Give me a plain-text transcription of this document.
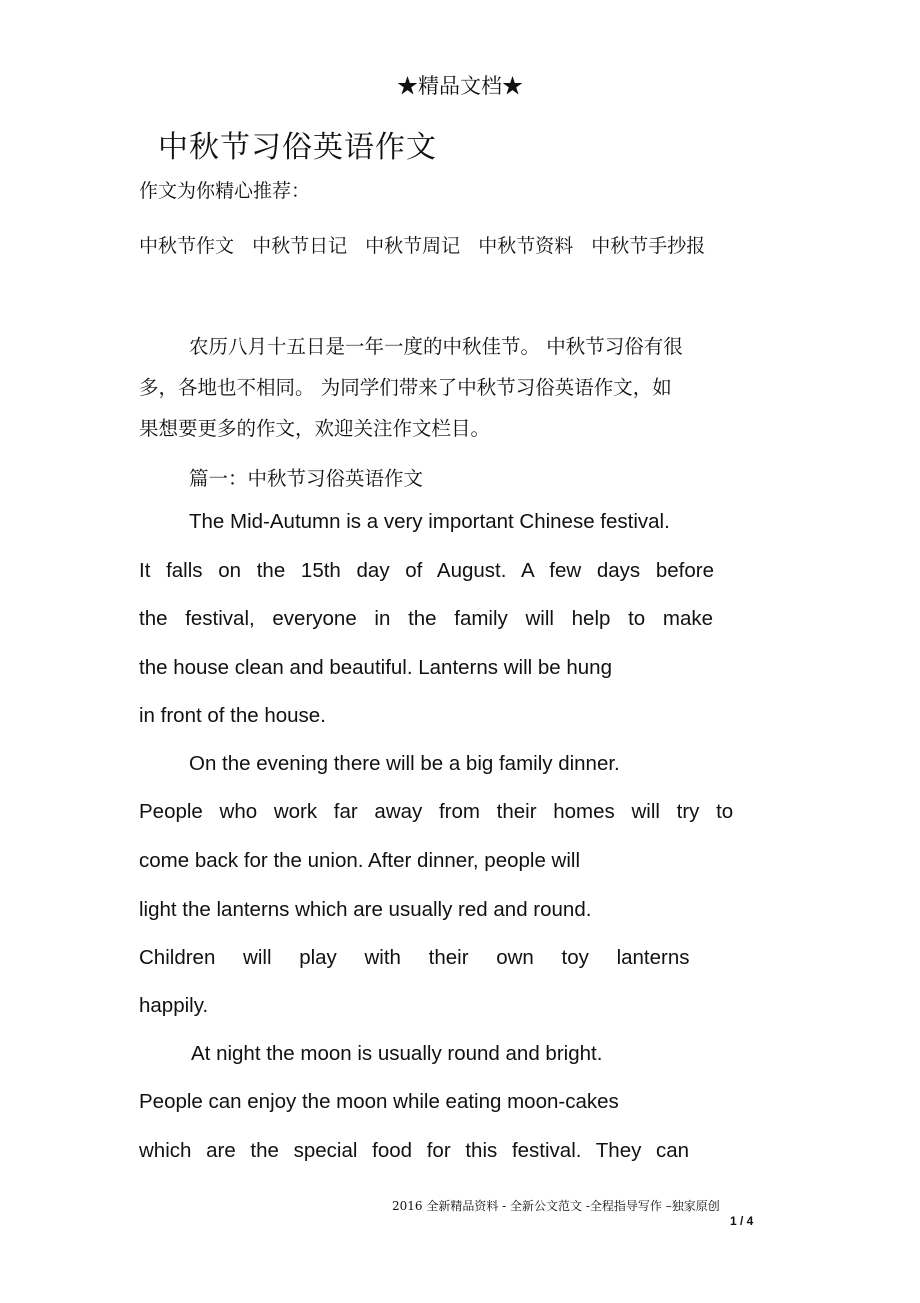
★精品文档★
中秋节习俗英语作文
作文为你精心推荐：
中秋节作文 中秋节日记 中秋节周记 中秋节资料 中秋节手抄报
农历八月十五日是一年一度的中秋佳节。 中秋节习俗有很
多，各地也不相同。 为同学们带来了中秋节习俗英语作文，如
果想要更多的作文，欢迎关注作文栏目。
篇一：中秋节习俗英语作文
The Mid-Autumn is a very important Chinese festival.
It falls on the 15th day of August. A few days before
the festival, everyone in the family will help to make
the house clean and beautiful. Lanterns will be hung
in front of the house.
On the evening there will be a big family dinner.
People who work far away from their homes will try to
come back for the union. After dinner, people will
light the lanterns which are usually red and round.
Children will play with their own toy lanterns
happily.
At night the moon is usually round and bright.
People can enjoy the moon while eating moon-cakes
which are the special food for this festival. They can
2016 全新精品资料 - 全新公文范文 -全程指导写作 –独家原创
1 / 4
